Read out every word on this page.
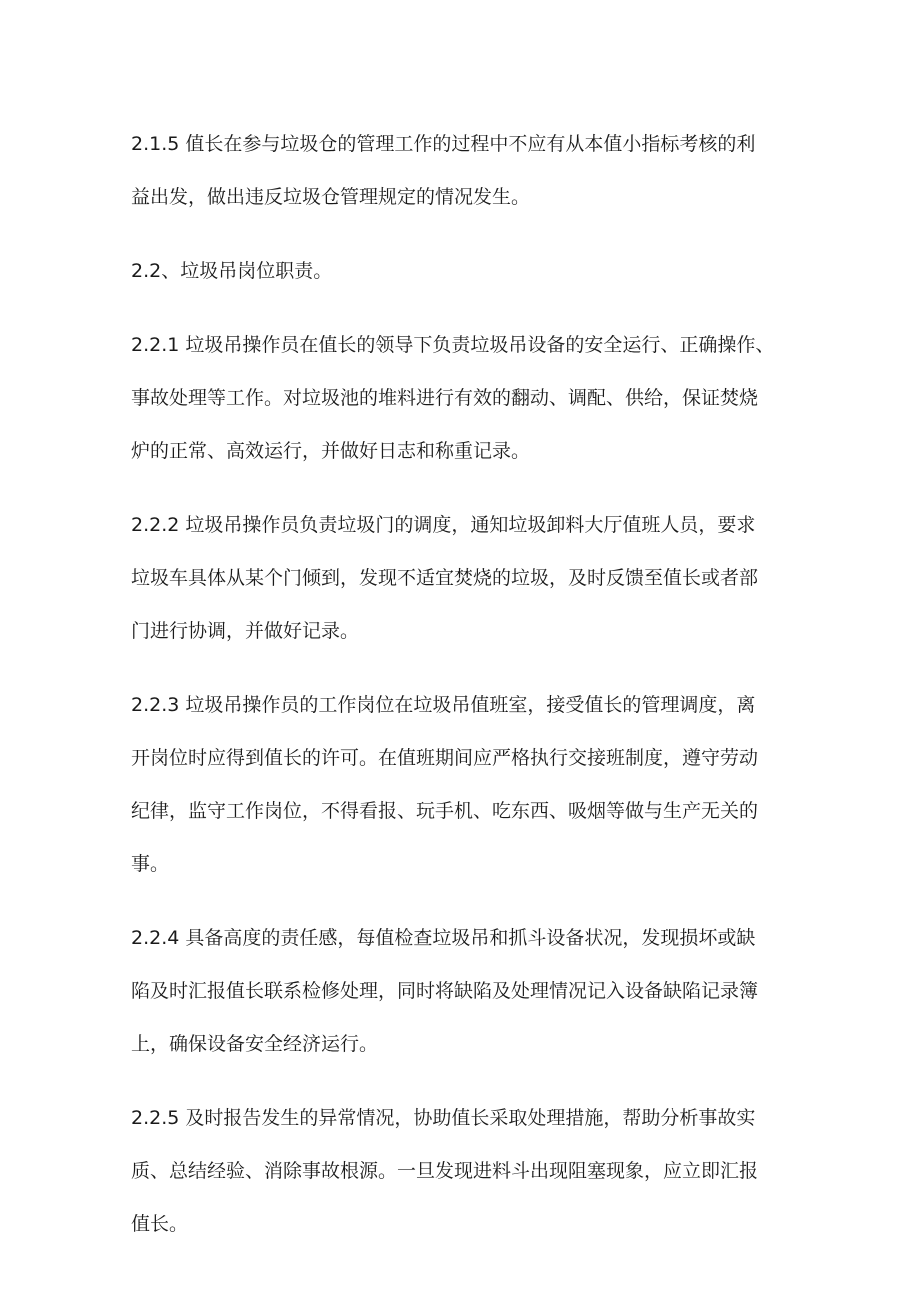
2.1.5 值长在参与垃圾仓的管理工作的过程中不应有从本值小指标考核的利
益出发，做出违反垃圾仓管理规定的情况发生。
2.2、垃圾吊岗位职责。
2.2.1 垃圾吊操作员在值长的领导下负责垃圾吊设备的安全运行、正确操作、
事故处理等工作。对垃圾池的堆料进行有效的翻动、调配、供给，保证焚烧
炉的正常、高效运行，并做好日志和称重记录。
2.2.2 垃圾吊操作员负责垃圾门的调度，通知垃圾卸料大厅值班人员，要求
垃圾车具体从某个门倾到，发现不适宜焚烧的垃圾，及时反馈至值长或者部
门进行协调，并做好记录。
2.2.3 垃圾吊操作员的工作岗位在垃圾吊值班室，接受值长的管理调度，离
开岗位时应得到值长的许可。在值班期间应严格执行交接班制度，遵守劳动
纪律，监守工作岗位，不得看报、玩手机、吃东西、吸烟等做与生产无关的
事。
2.2.4 具备高度的责任感，每值检查垃圾吊和抓斗设备状况，发现损坏或缺
陷及时汇报值长联系检修处理，同时将缺陷及处理情况记入设备缺陷记录簿
上，确保设备安全经济运行。
2.2.5 及时报告发生的异常情况，协助值长采取处理措施，帮助分析事故实
质、总结经验、消除事故根源。一旦发现进料斗出现阻塞现象，应立即汇报
值长。
